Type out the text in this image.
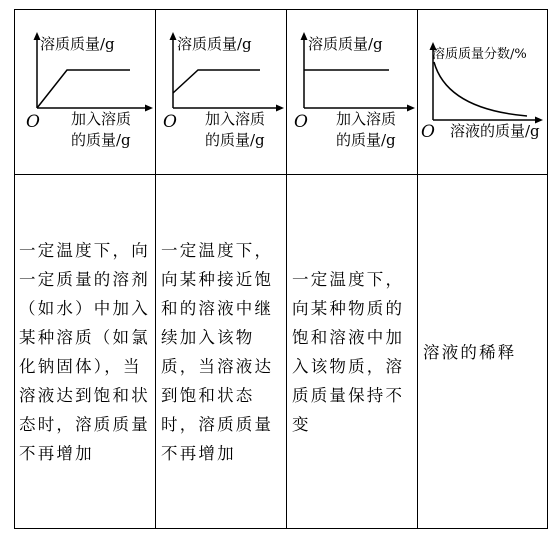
溶质质量/g
O 加入溶质
的质量/g
溶质质量/g
O 加入溶质
的质量/g
溶质质量/g
O 加入溶质
的质量/g
溶质质量分数/%
O 溶液的质量/g
一定温度下，向一定质量的溶剂（如水）中加入某种溶质（如氯化钠固体），当溶液达到饱和状态时，溶质质量不再增加
一定温度下，向某种接近饱和的溶液中继续加入该物质，当溶液达到饱和状态时，溶质质量不再增加
一定温度下，向某种物质的饱和溶液中加入该物质，溶质质量保持不变
溶液的稀释
